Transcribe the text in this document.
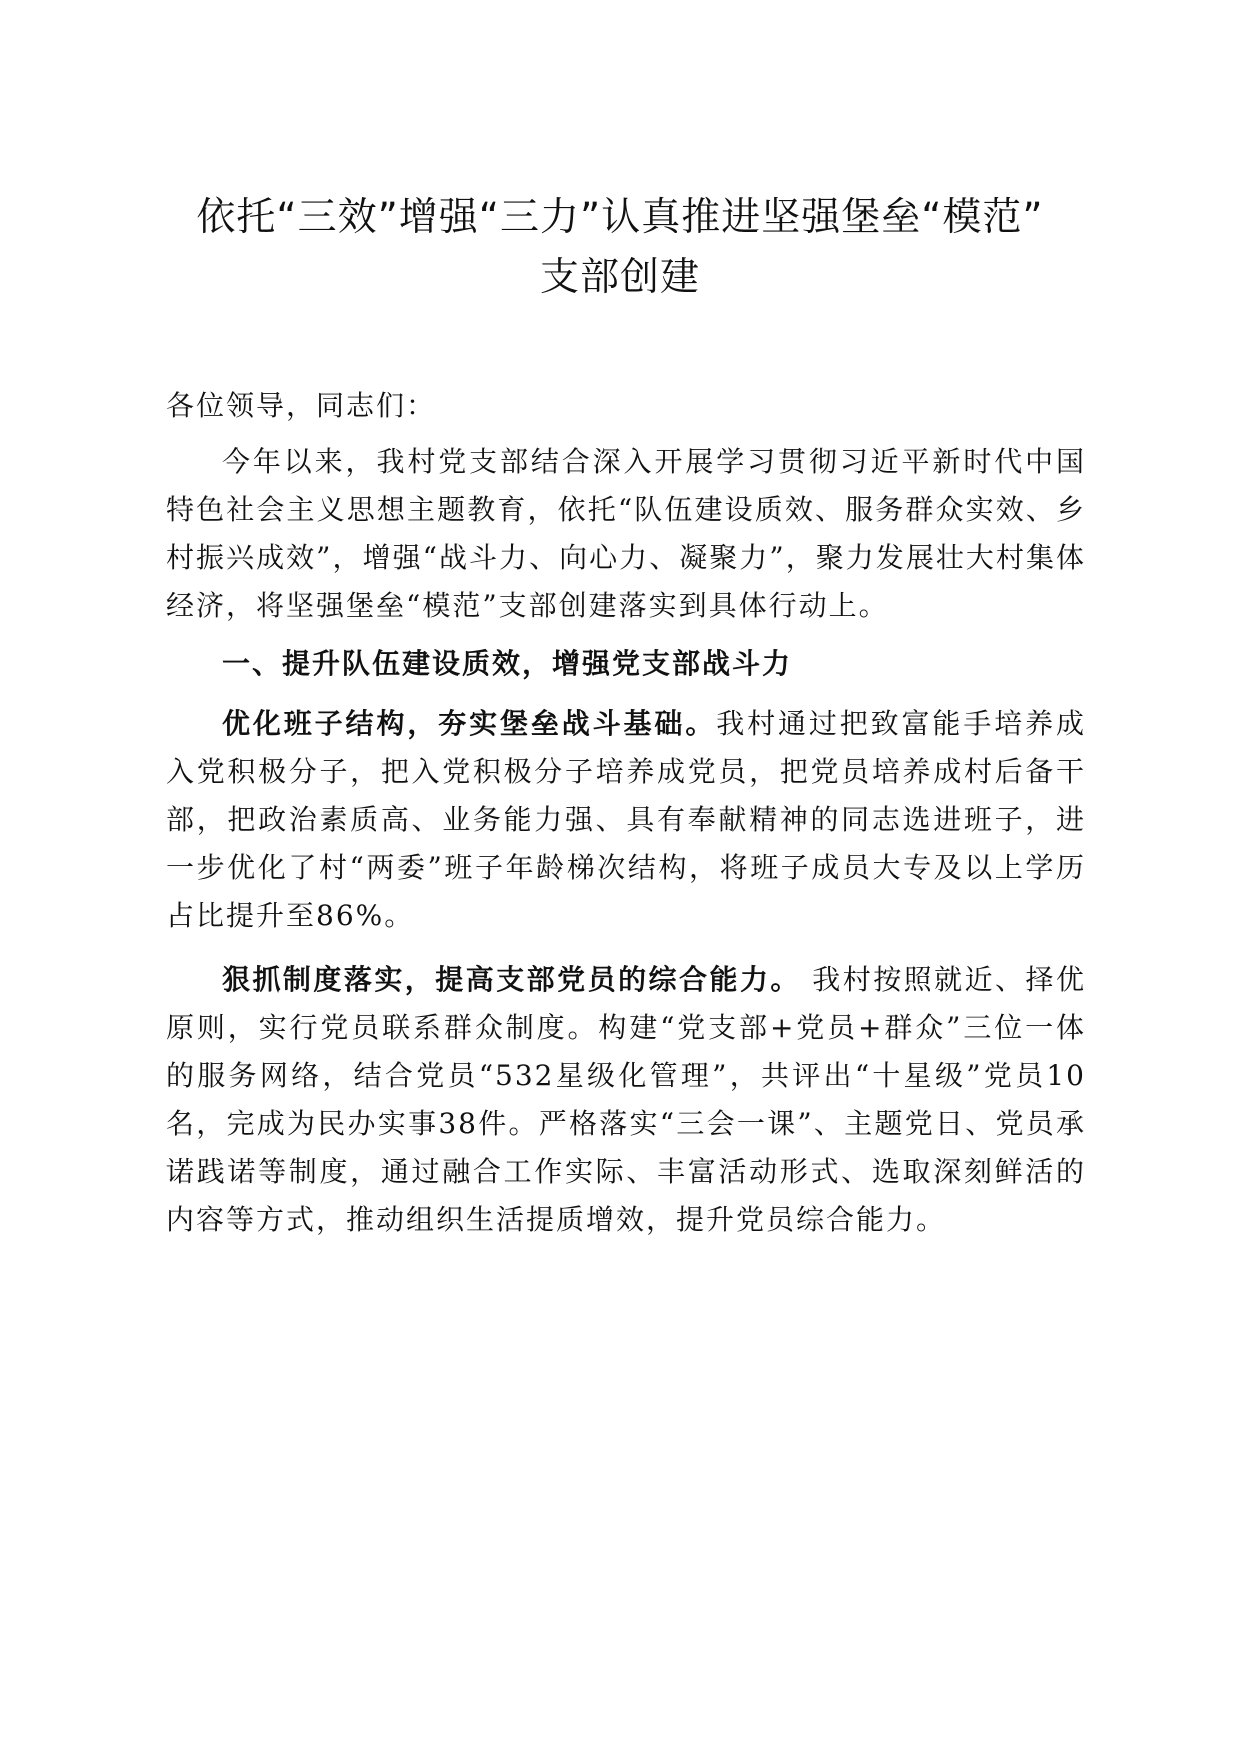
依托“三效”增强“三力”认真推进坚强堡垒“模范”
支部创建

各位领导，同志们：

今年以来，我村党支部结合深入开展学习贯彻习近平新时代中国特色社会主义思想主题教育，依托“队伍建设质效、服务群众实效、乡村振兴成效”，增强“战斗力、向心力、凝聚力”，聚力发展壮大村集体经济，将坚强堡垒“模范”支部创建落实到具体行动上。

一、提升队伍建设质效，增强党支部战斗力

优化班子结构，夯实堡垒战斗基础。我村通过把致富能手培养成入党积极分子，把入党积极分子培养成党员，把党员培养成村后备干部，把政治素质高、业务能力强、具有奉献精神的同志选进班子，进一步优化了村“两委”班子年龄梯次结构，将班子成员大专及以上学历占比提升至86%。

狠抓制度落实，提高支部党员的综合能力。 我村按照就近、择优原则，实行党员联系群众制度。构建“党支部+党员+群众”三位一体的服务网络，结合党员“532星级化管理”，共评出“十星级”党员10名，完成为民办实事38件。严格落实“三会一课”、主题党日、党员承诺践诺等制度，通过融合工作实际、丰富活动形式、选取深刻鲜活的内容等方式，推动组织生活提质增效，提升党员综合能力。
